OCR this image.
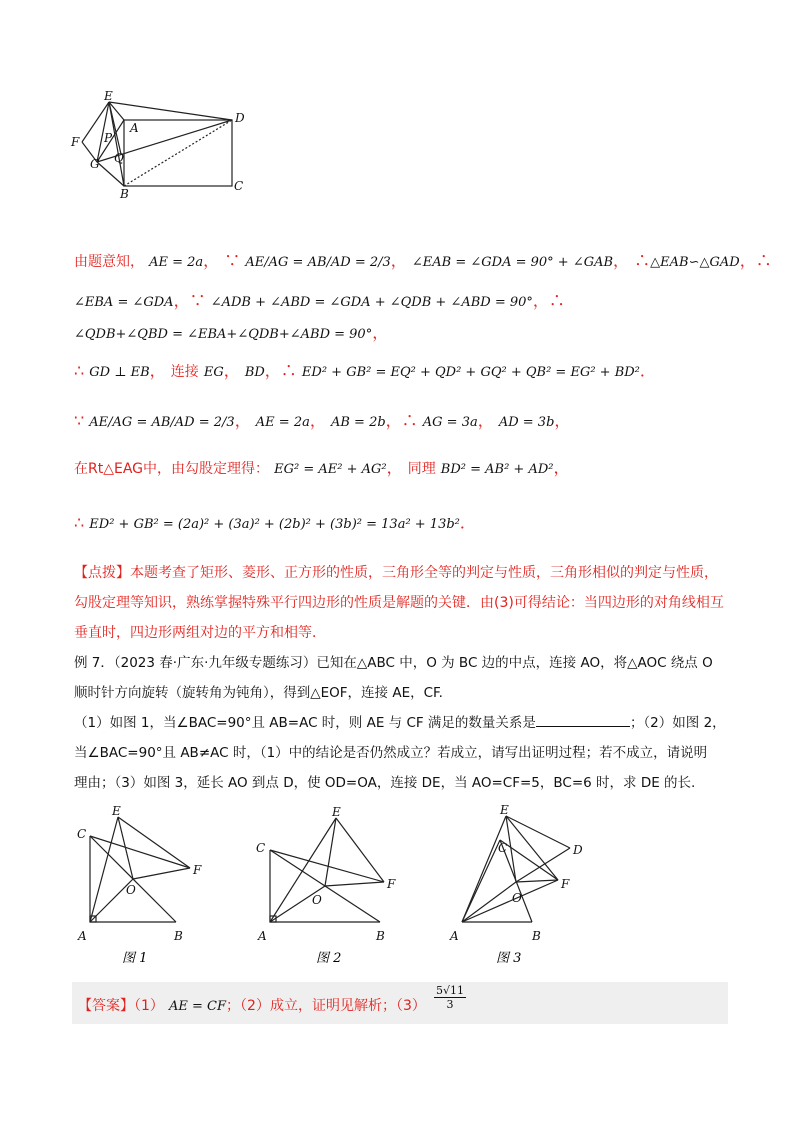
E
A
D
F P
G Q
B
C
由题意知， AE = 2a， ∵ AE/AG = AB/AD = 2/3， ∠EAB = ∠GDA = 90° + ∠GAB， ∴△EAB∽△GAD，∴
∠EBA = ∠GDA，∵ ∠ADB + ∠ABD = ∠GDA + ∠QDB + ∠ABD = 90°，∴
∠QDB+∠QBD = ∠EBA+∠QDB+∠ABD = 90°，
∴ GD ⊥ EB， 连接 EG， BD，∴ ED² + GB² = EQ² + QD² + GQ² + QB² = EG² + BD²．
∵ AE/AG = AB/AD = 2/3， AE = 2a， AB = 2b，∴ AG = 3a， AD = 3b，
在Rt△EAG中，由勾股定理得： EG² = AE² + AG²， 同理 BD² = AB² + AD²，
∴ ED² + GB² = (2a)² + (3a)² + (2b)² + (3b)² = 13a² + 13b²．
【点拨】本题考查了矩形、菱形、正方形的性质，三角形全等的判定与性质，三角形相似的判定与性质，
勾股定理等知识，熟练掌握特殊平行四边形的性质是解题的关键．由(3)可得结论：当四边形的对角线相互
垂直时，四边形两组对边的平方和相等．
例 7．（2023 春·广东·九年级专题练习）已知在△ABC 中，O 为 BC 边的中点，连接 AO，将△AOC 绕点 O
顺时针方向旋转（旋转角为钝角），得到△EOF，连接 AE，CF.
（1）如图 1，当∠BAC=90°且 AB=AC 时，则 AE 与 CF 满足的数量关系是	；（2）如图 2，
当∠BAC=90°且 AB≠AC 时，（1）中的结论是否仍然成立？若成立，请写出证明过程；若不成立，请说明
理由；（3）如图 3，延长 AO 到点 D，使 OD=OA，连接 DE，当 AO=CF=5，BC=6 时，求 DE 的长.
E
C
F
O
A	B
图 1
E
C
F
O
A	B
图 2
E
C	D
F
O
A	B
图 3
【答案】（1） AE = CF；（2）成立，证明见解析；（3）
5√11
3
